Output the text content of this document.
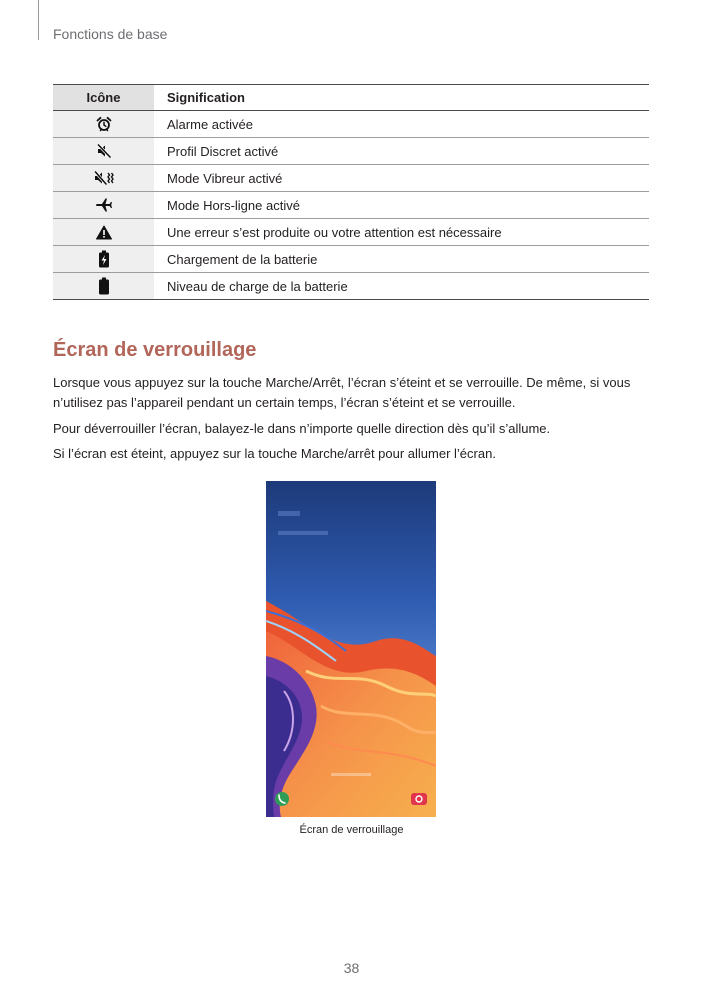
Fonctions de base
Icône	Signification
	Alarme activée
	Profil Discret activé
	Mode Vibreur activé
	Mode Hors-ligne activé
	Une erreur s’est produite ou votre attention est nécessaire
	Chargement de la batterie
	Niveau de charge de la batterie
Écran de verrouillage

Lorsque vous appuyez sur la touche Marche/Arrêt, l’écran s’éteint et se verrouille. De même, si vous n’utilisez pas l’appareil pendant un certain temps, l’écran s’éteint et se verrouille.

Pour déverrouiller l’écran, balayez-le dans n’importe quelle direction dès qu’il s’allume.

Si l’écran est éteint, appuyez sur la touche Marche/arrêt pour allumer l’écran.

Écran de verrouillage
38
